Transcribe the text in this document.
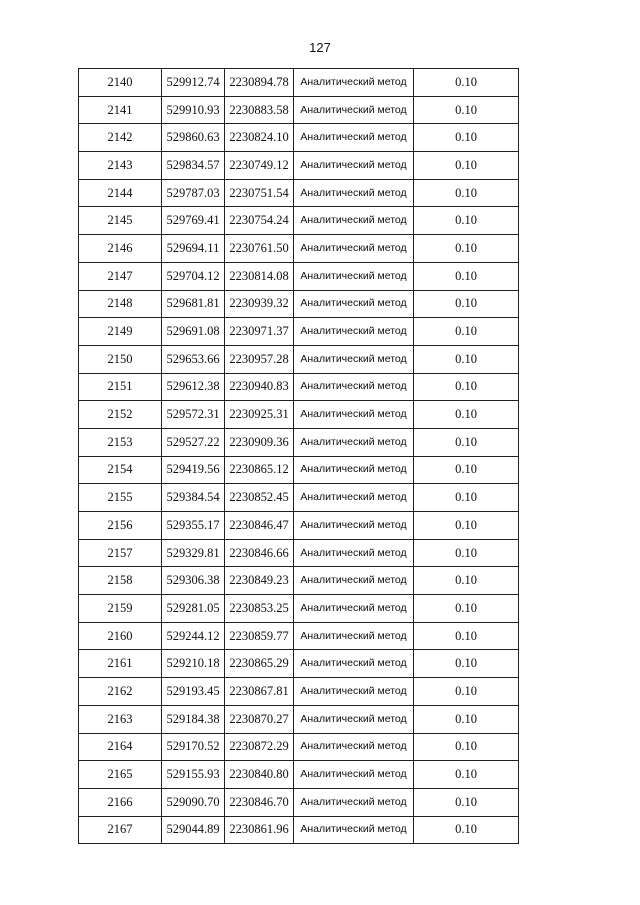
127
2140	529912.74	2230894.78	Аналитический метод	0.10
2141	529910.93	2230883.58	Аналитический метод	0.10
2142	529860.63	2230824.10	Аналитический метод	0.10
2143	529834.57	2230749.12	Аналитический метод	0.10
2144	529787.03	2230751.54	Аналитический метод	0.10
2145	529769.41	2230754.24	Аналитический метод	0.10
2146	529694.11	2230761.50	Аналитический метод	0.10
2147	529704.12	2230814.08	Аналитический метод	0.10
2148	529681.81	2230939.32	Аналитический метод	0.10
2149	529691.08	2230971.37	Аналитический метод	0.10
2150	529653.66	2230957.28	Аналитический метод	0.10
2151	529612.38	2230940.83	Аналитический метод	0.10
2152	529572.31	2230925.31	Аналитический метод	0.10
2153	529527.22	2230909.36	Аналитический метод	0.10
2154	529419.56	2230865.12	Аналитический метод	0.10
2155	529384.54	2230852.45	Аналитический метод	0.10
2156	529355.17	2230846.47	Аналитический метод	0.10
2157	529329.81	2230846.66	Аналитический метод	0.10
2158	529306.38	2230849.23	Аналитический метод	0.10
2159	529281.05	2230853.25	Аналитический метод	0.10
2160	529244.12	2230859.77	Аналитический метод	0.10
2161	529210.18	2230865.29	Аналитический метод	0.10
2162	529193.45	2230867.81	Аналитический метод	0.10
2163	529184.38	2230870.27	Аналитический метод	0.10
2164	529170.52	2230872.29	Аналитический метод	0.10
2165	529155.93	2230840.80	Аналитический метод	0.10
2166	529090.70	2230846.70	Аналитический метод	0.10
2167	529044.89	2230861.96	Аналитический метод	0.10
